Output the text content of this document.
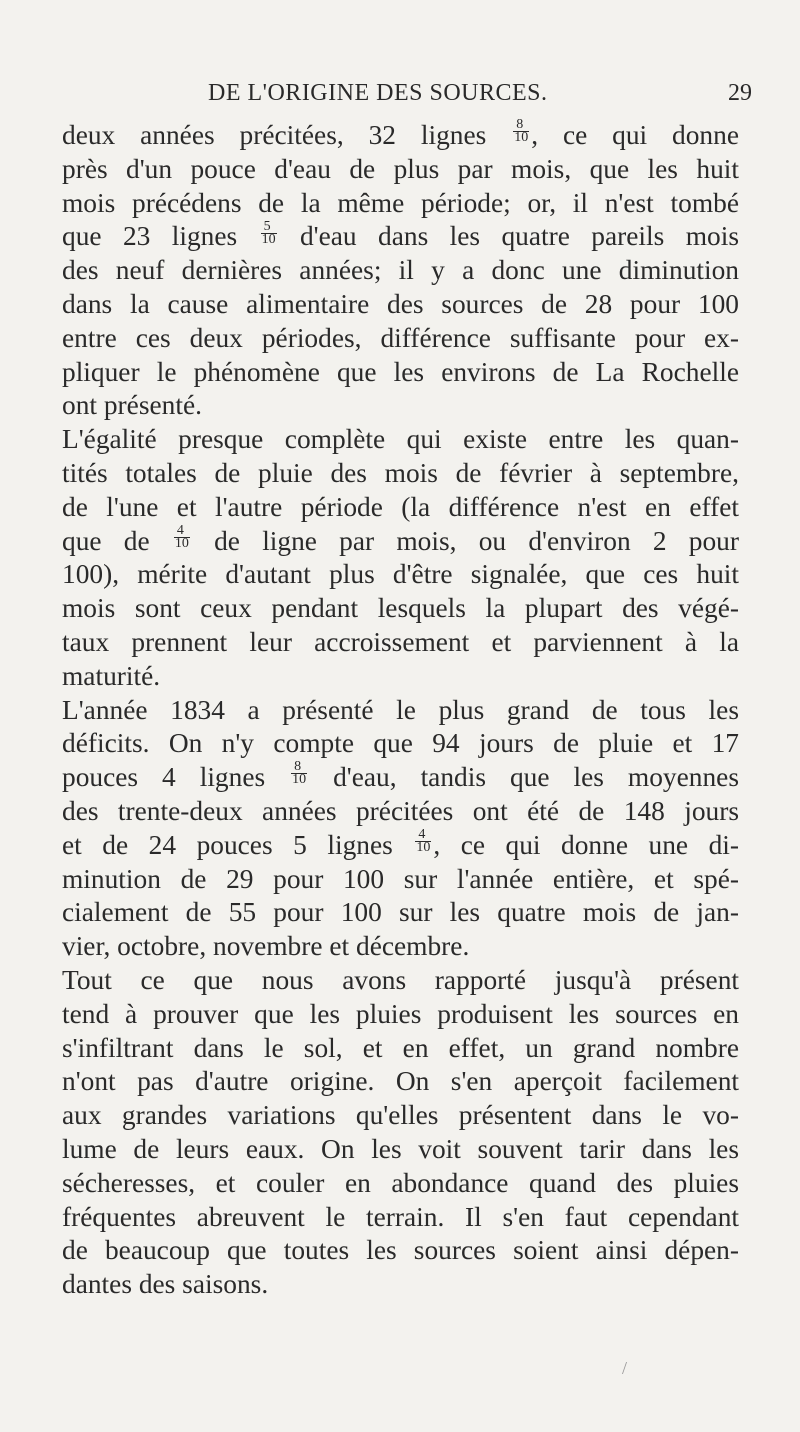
DE L'ORIGINE DES SOURCES.	29
deux années précitées, 32 lignes $\frac{8}{10}$ , ce qui donne
près d'un pouce d'eau de plus par mois, que les huit
mois précédens de la même période; or, il n'est tombé
que 23 lignes $\frac{5}{10} d'eau$ dans les quatre pareils mois
des neuf dernières années; il y a donc une diminution
dans la cause alimentaire des sources de 28 pour 100
entre ces deux périodes, différence suffisante pour ex-
pliquer le phénomène que les environs de La Rochelle
ont présenté.
L'égalité presque complète qui existe entre les quan-
tités totales de pluie des mois de février à septembre,
de l'une et l'autre période (la différence n'est en effet
que de $\frac{4}{10}$ de ligne par mois, ou d'environ 2 pour
100), mérite d'autant plus d'être signalée, que ces huit
mois sont ceux pendant lesquels la plupart des végé-
taux prennent leur accroissement et parviennent à la
maturité.
L'année 1834 a présenté le plus grand de tous les
déficits. On n'y compte que 94 jours de pluie et 17
pouces 4 lignes $\frac{8}{10} d'eau$, tandis que les moyennes
des trente-deux années précitées ont été de 148 jours
et de 24 pouces 5 lignes $\frac{4}{10}$ , ce qui donne une di-
minution de 29 pour 100 sur l'année entière, et spé-
cialement de 55 pour 100 sur les quatre mois de jan-
vier, octobre, novembre et décembre.
Tout ce que nous avons rapporté jusqu'à présent
tend à prouver que les pluies produisent les sources en
s'infiltrant dans le sol, et en effet, un grand nombre
n'ont pas d'autre origine. On s'en aperçoit facilement
aux grandes variations qu'elles présentent dans le vo-
lume de leurs eaux. On les voit souvent tarir dans les
sécheresses, et couler en abondance quand des pluies
fréquentes abreuvent le terrain. Il s'en faut cependant
de beaucoup que toutes les sources soient ainsi dépen-
dantes des saisons.
/
